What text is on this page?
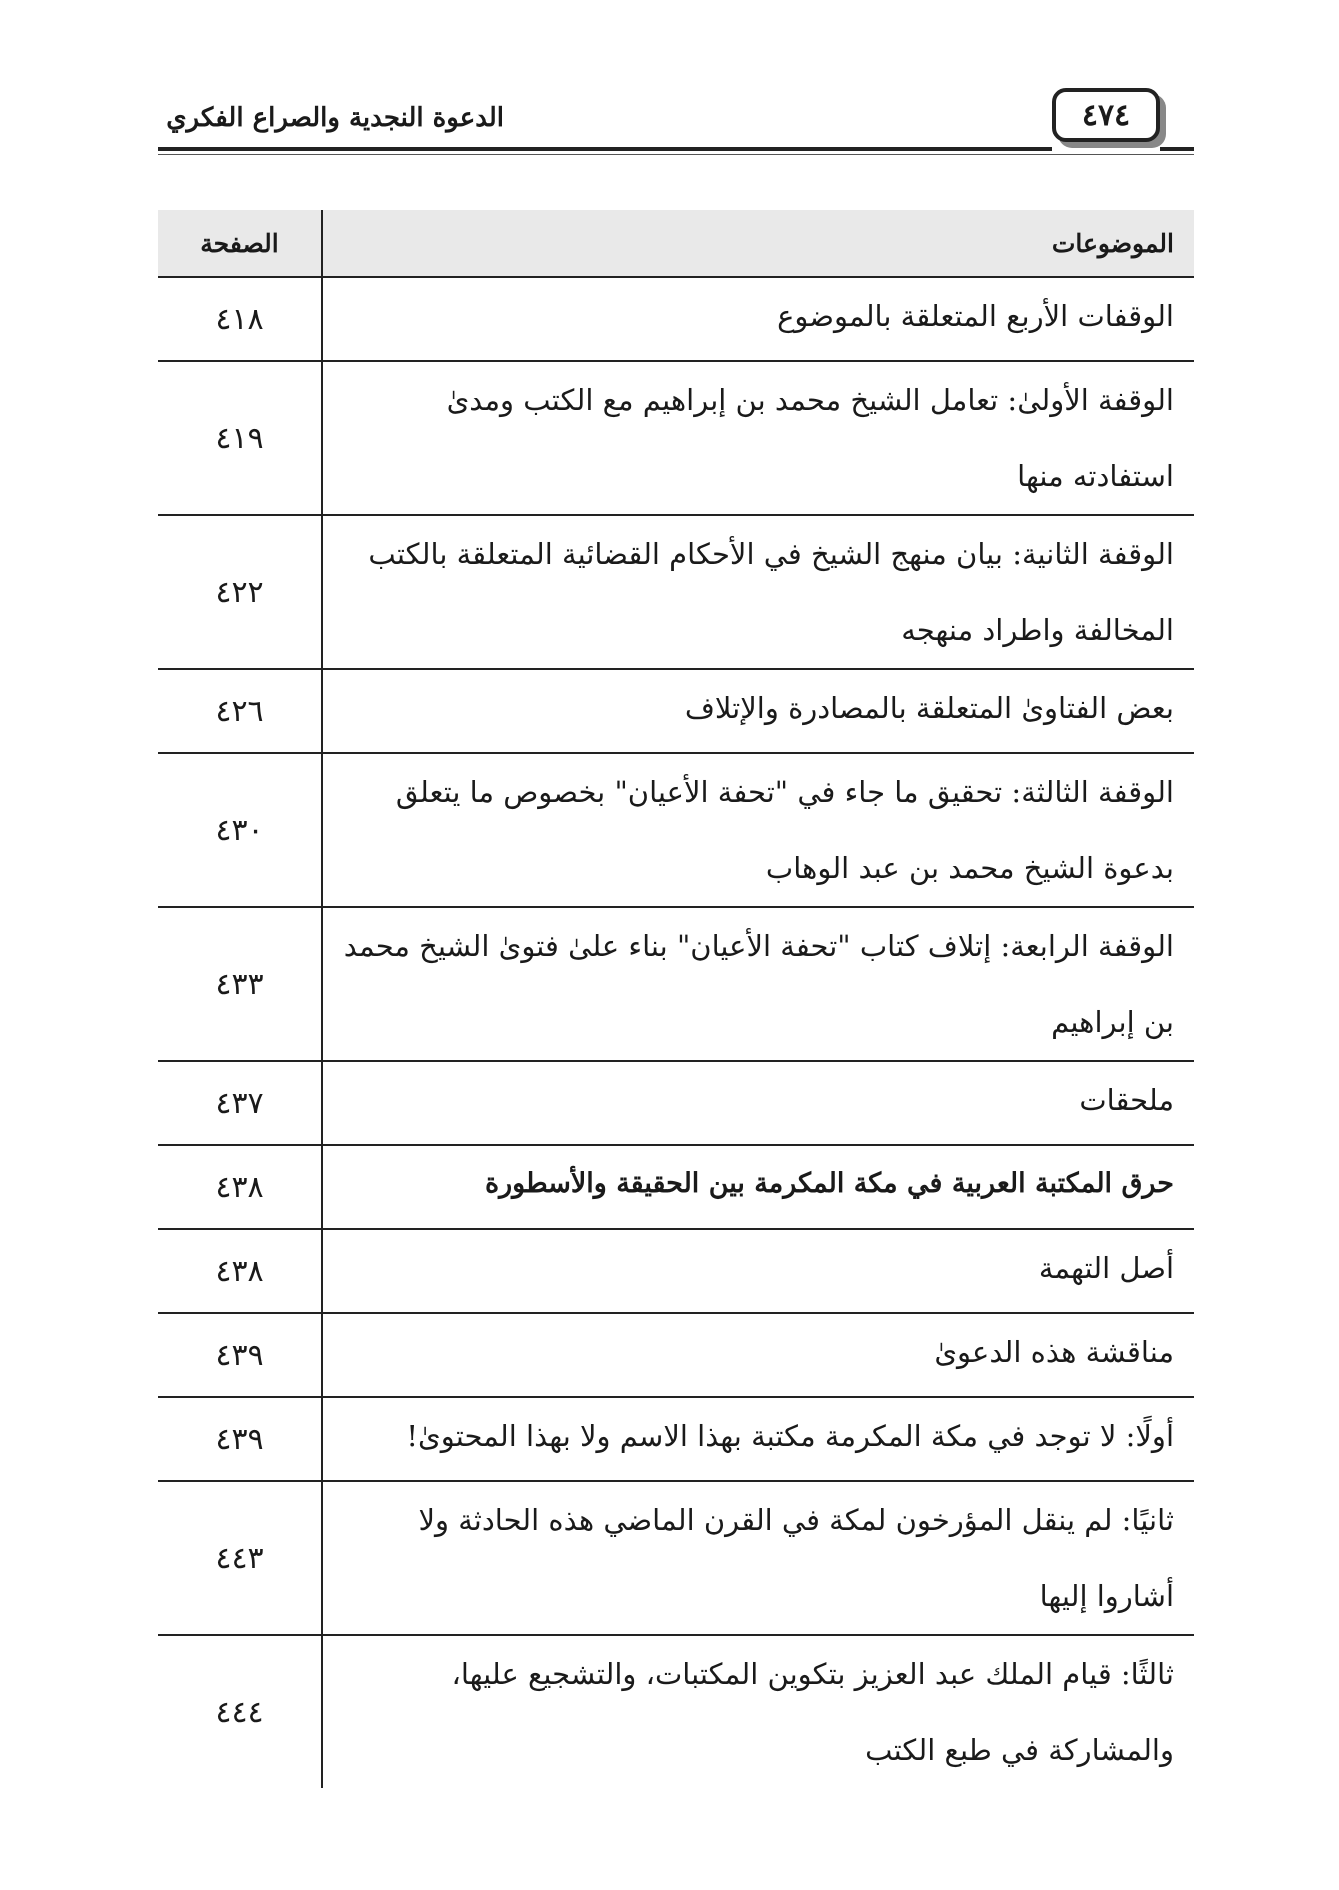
الدعوة النجدية والصراع الفكري	٤٧٤
الموضوعات
الصفحة
الوقفات الأربع المتعلقة بالموضوع
٤١٨
الوقفة الأولىٰ: تعامل الشيخ محمد بن إبراهيم مع الكتب ومدىٰ استفادته منها
٤١٩
الوقفة الثانية: بيان منهج الشيخ في الأحكام القضائية المتعلقة بالكتب المخالفة واطراد منهجه
٤٢٢
بعض الفتاوىٰ المتعلقة بالمصادرة والإتلاف
٤٢٦
الوقفة الثالثة: تحقيق ما جاء في "تحفة الأعيان" بخصوص ما يتعلق بدعوة الشيخ محمد بن عبد الوهاب
٤٣٠
الوقفة الرابعة: إتلاف كتاب "تحفة الأعيان" بناء علىٰ فتوىٰ الشيخ محمد بن إبراهيم
٤٣٣
ملحقات
٤٣٧
حرق المكتبة العربية في مكة المكرمة بين الحقيقة والأسطورة
٤٣٨
أصل التهمة
٤٣٨
مناقشة هذه الدعوىٰ
٤٣٩
أولًا: لا توجد في مكة المكرمة مكتبة بهذا الاسم ولا بهذا المحتوىٰ!
٤٣٩
ثانيًا: لم ينقل المؤرخون لمكة في القرن الماضي هذه الحادثة ولا أشاروا إليها
٤٤٣
ثالثًا: قيام الملك عبد العزيز بتكوين المكتبات، والتشجيع عليها، والمشاركة في طبع الكتب
٤٤٤
